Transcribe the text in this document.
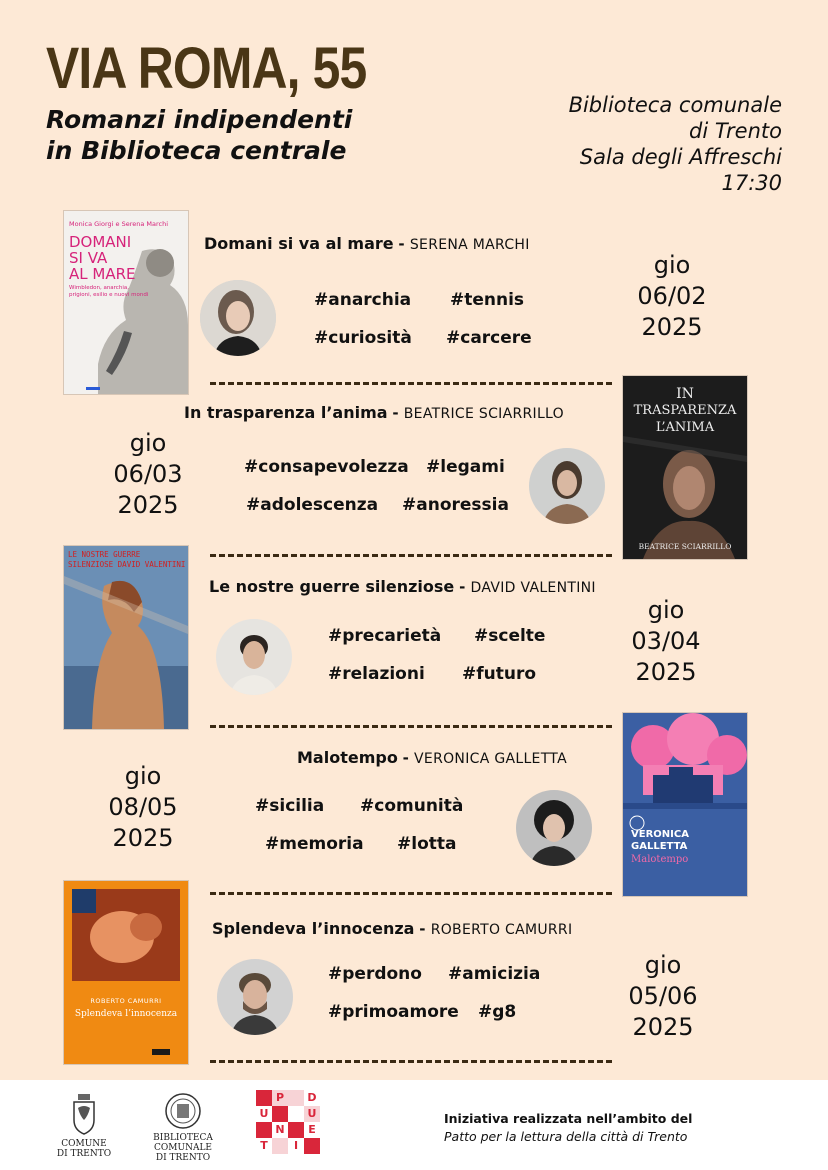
VIA ROMA, 55
Romanzi indipendenti
in Biblioteca centrale
Biblioteca comunale
di Trento
Sala degli Affreschi
17:30
Monica Giorgi e Serena Marchi
DOMANI
SI VA
AL MARE
Wimbledon, anarchia, prigioni, esilio e nuovi mondi
Domani si va al mare - SERENA MARCHI
#anarchia #tennis
#curiosità #carcere
gio
06/02
2025
In trasparenza l’anima - BEATRICE SCIARRILLO
IN
TRASPARENZA
L’ANIMA
BEATRICE SCIARRILLO
gio
06/03
2025
#consapevolezza #legami
#adolescenza #anoressia
LE NOSTRE GUERRE SILENZIOSE DAVID VALENTINI
Le nostre guerre silenziose - DAVID VALENTINI
#precarietà #scelte
#relazioni #futuro
gio
03/04
2025
Malotempo - VERONICA GALLETTA
VERONICA
GALLETTA
Malotempo
gio
08/05
2025
#sicilia #comunità
#memoria #lotta
ROBERTO CAMURRI
Splendeva l’innocenza
Splendeva l’innocenza - ROBERTO CAMURRI
#perdono #amicizia
#primoamore #g8
gio
05/06
2025
COMUNE
DI TRENTO
BIBLIOTECA
COMUNALE
DI TRENTO
P	D
U	U
N	E
T	I
Iniziativa realizzata nell’ambito del
Patto per la lettura della città di Trento
